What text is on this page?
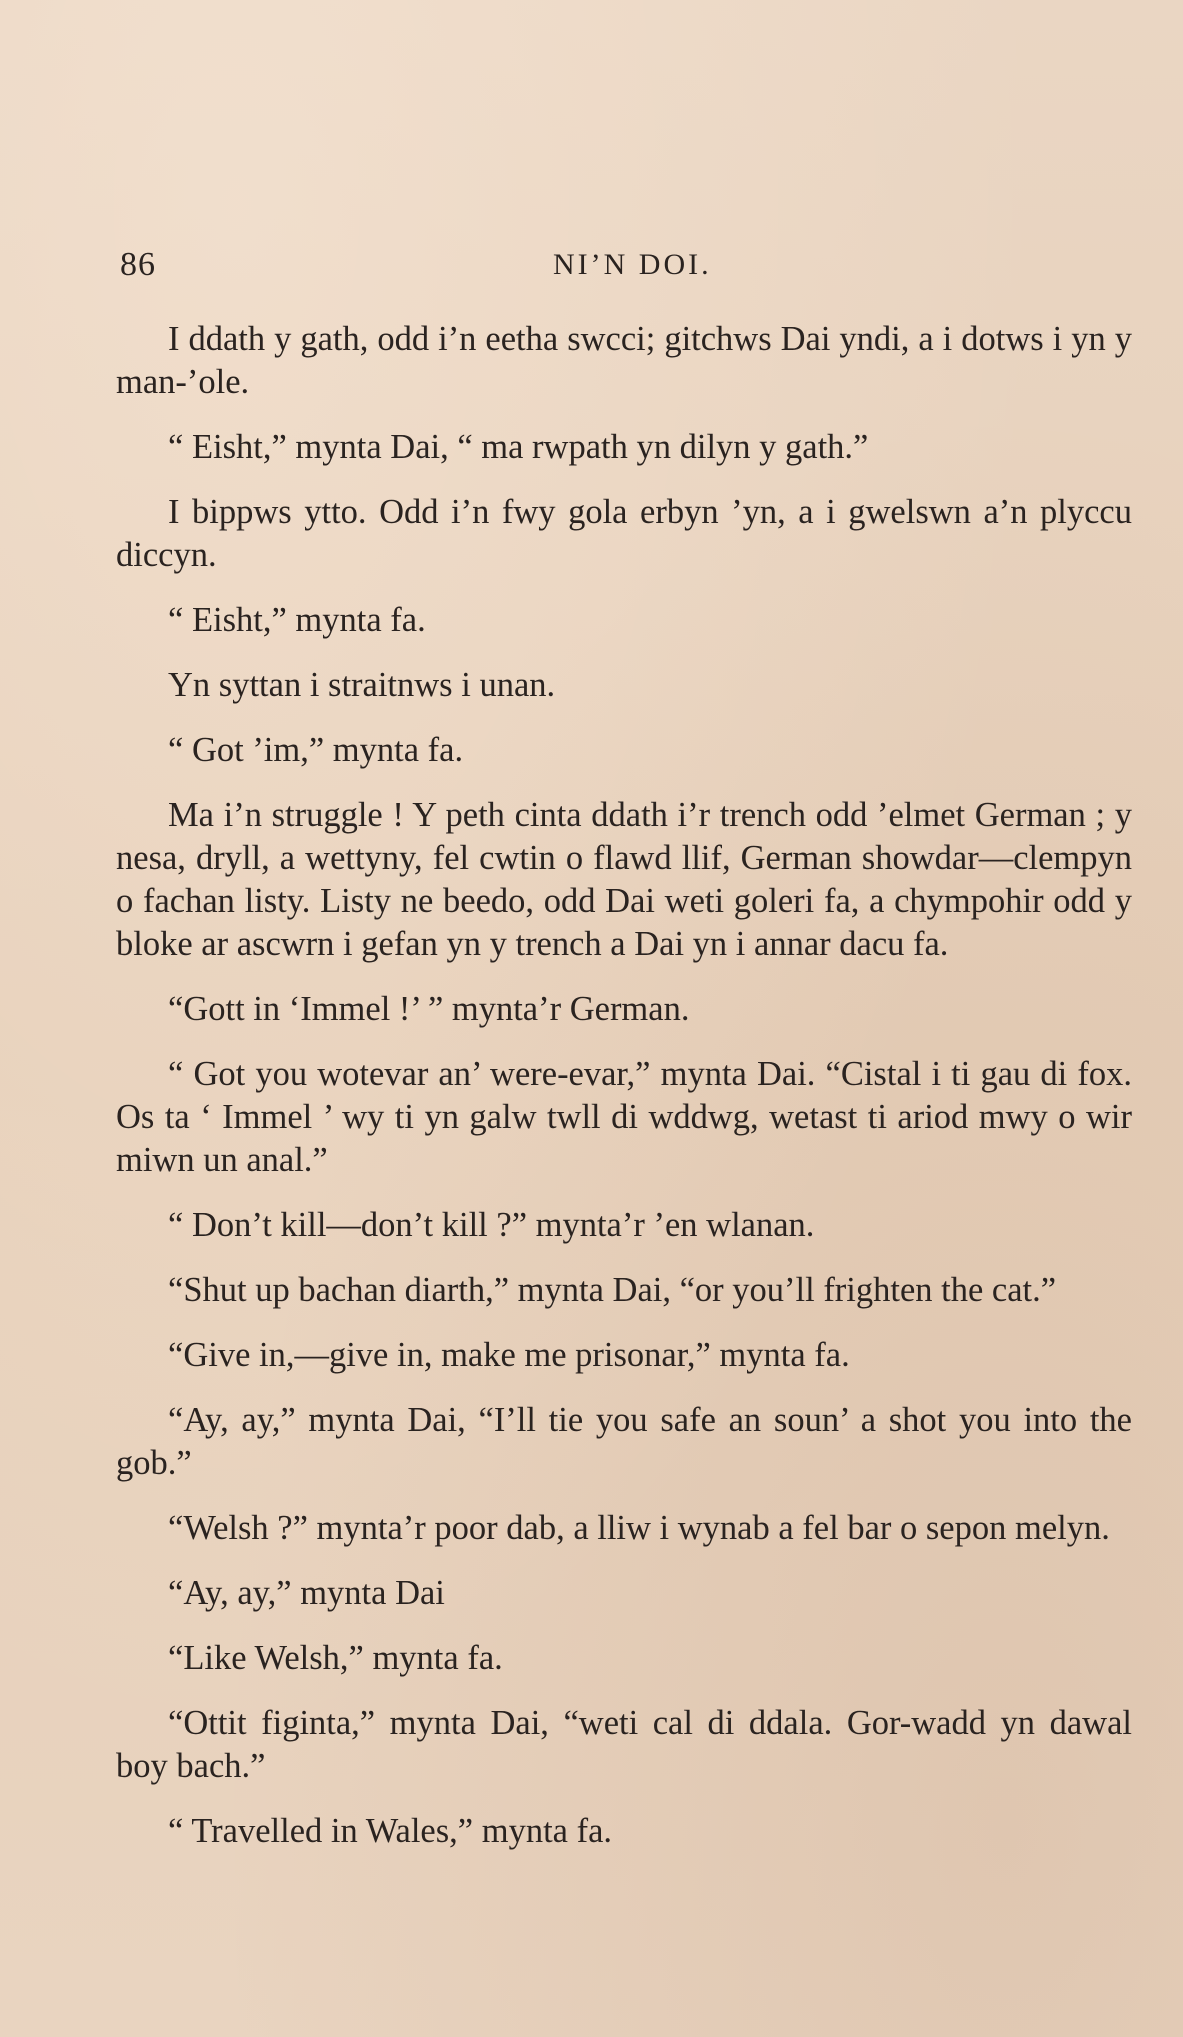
86	NI’N DOI.

I ddath y gath, odd i’n eetha swcci; gitchws Dai yndi, a i dotws i yn y man-’ole.

“ Eisht,” mynta Dai, “ ma rwpath yn dilyn y gath.”

I bippws ytto. Odd i’n fwy gola erbyn ’yn, a i gwelswn a’n plyccu diccyn.

“ Eisht,” mynta fa.

Yn syttan i straitnws i unan.

“ Got ’im,” mynta fa.

Ma i’n struggle ! Y peth cinta ddath i’r trench odd ’elmet German ; y nesa, dryll, a wettyny, fel cwtin o flawd llif, German showdar—clempyn o fachan listy. Listy ne beedo, odd Dai weti goleri fa, a chympohir odd y bloke ar ascwrn i gefan yn y trench a Dai yn i annar dacu fa.

“Gott in ‘Immel !’ ” mynta’r German.

“ Got you wotevar an’ were-evar,” mynta Dai. “Cistal i ti gau di fox. Os ta ‘ Immel ’ wy ti yn galw twll di wddwg, wetast ti ariod mwy o wir miwn un anal.”

“ Don’t kill—don’t kill ?” mynta’r ’en wlanan.

“Shut up bachan diarth,” mynta Dai, “or you’ll frighten the cat.”

“Give in,—give in, make me prisonar,” mynta fa.

“Ay, ay,” mynta Dai, “I’ll tie you safe an soun’ a shot you into the gob.”

“Welsh ?” mynta’r poor dab, a lliw i wynab a fel bar o sepon melyn.

“Ay, ay,” mynta Dai

“Like Welsh,” mynta fa.

“Ottit figinta,” mynta Dai, “weti cal di ddala. Gor-wadd yn dawal boy bach.”

“ Travelled in Wales,” mynta fa.
